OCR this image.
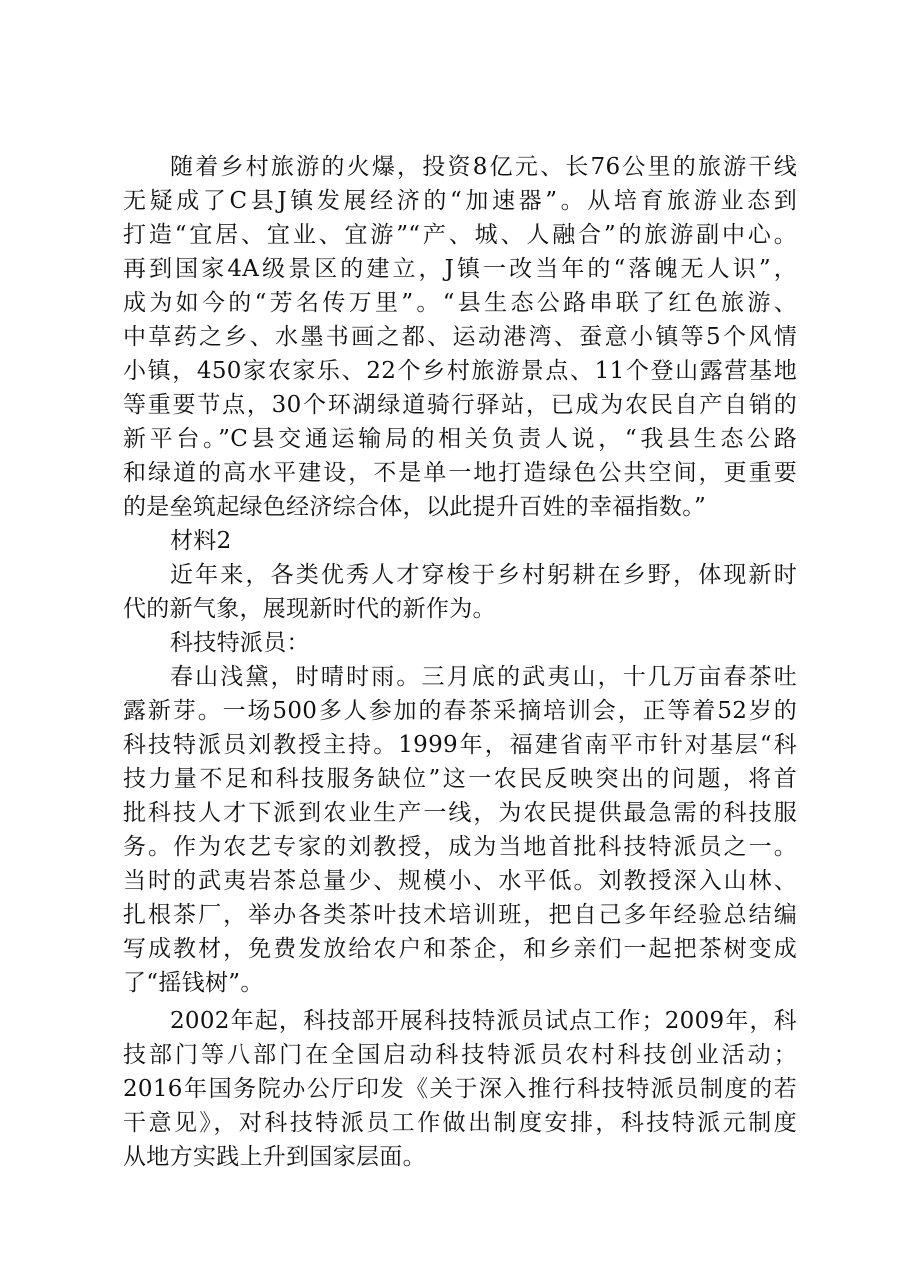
随着乡村旅游的火爆，投资8亿元、长76公里的旅游干线
无疑成了C县J镇发展经济的“加速器”。从培育旅游业态到
打造“宜居、宜业、宜游”“产、城、人融合”的旅游副中心。
再到国家4A级景区的建立，J镇一改当年的“落魄无人识”，
成为如今的“芳名传万里”。“县生态公路串联了红色旅游、
中草药之乡、水墨书画之都、运动港湾、蚕意小镇等5个风情
小镇，450家农家乐、22个乡村旅游景点、11个登山露营基地
等重要节点，30个环湖绿道骑行驿站，已成为农民自产自销的
新平台。”C县交通运输局的相关负责人说，“我县生态公路
和绿道的高水平建设，不是单一地打造绿色公共空间，更重要
的是垒筑起绿色经济综合体，以此提升百姓的幸福指数。”
材料2
近年来，各类优秀人才穿梭于乡村躬耕在乡野，体现新时
代的新气象，展现新时代的新作为。
科技特派员：
春山浅黛，时晴时雨。三月底的武夷山，十几万亩春茶吐
露新芽。一场500多人参加的春茶采摘培训会，正等着52岁的
科技特派员刘教授主持。1999年，福建省南平市针对基层“科
技力量不足和科技服务缺位”这一农民反映突出的问题，将首
批科技人才下派到农业生产一线，为农民提供最急需的科技服
务。作为农艺专家的刘教授，成为当地首批科技特派员之一。
当时的武夷岩茶总量少、规模小、水平低。刘教授深入山林、
扎根茶厂，举办各类茶叶技术培训班，把自己多年经验总结编
写成教材，免费发放给农户和茶企，和乡亲们一起把茶树变成
了“摇钱树”。
2002年起，科技部开展科技特派员试点工作；2009年，科
技部门等八部门在全国启动科技特派员农村科技创业活动；
2016年国务院办公厅印发《关于深入推行科技特派员制度的若
干意见》，对科技特派员工作做出制度安排，科技特派元制度
从地方实践上升到国家层面。
